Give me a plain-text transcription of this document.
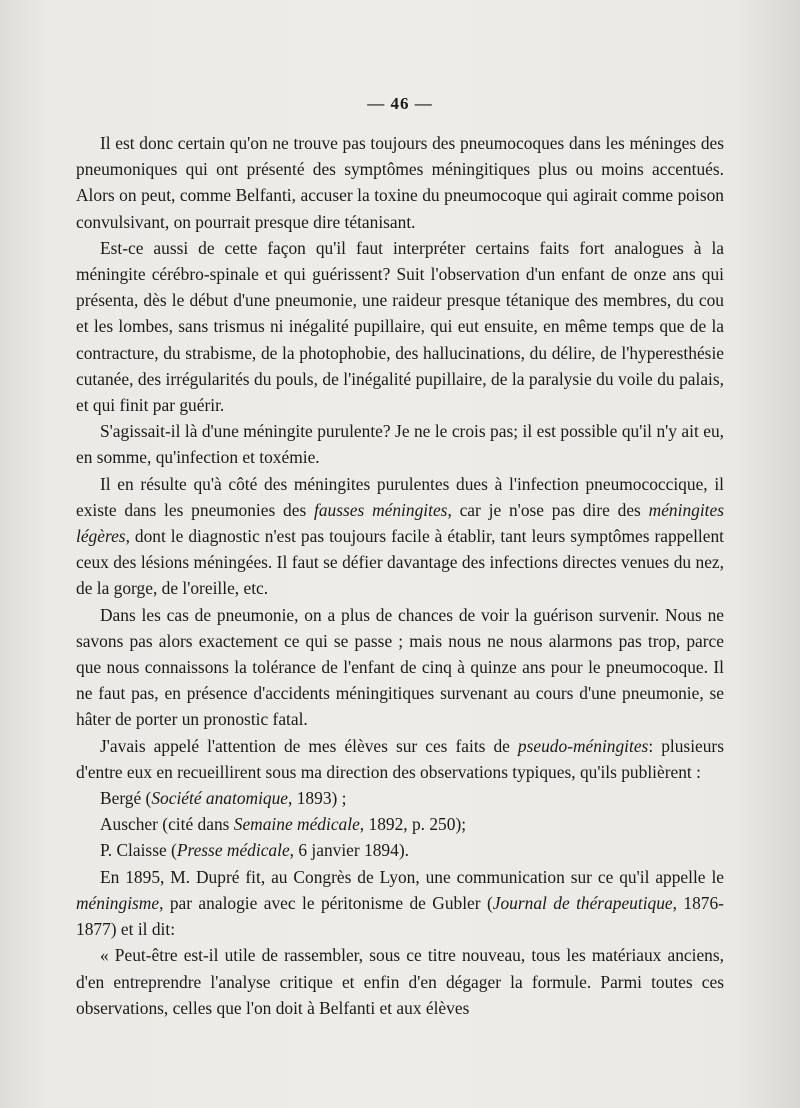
— 46 —

Il est donc certain qu'on ne trouve pas toujours des pneumocoques dans les méninges des pneumoniques qui ont présenté des symptômes méningitiques plus ou moins accentués. Alors on peut, comme Belfanti, accuser la toxine du pneumocoque qui agirait comme poison convulsivant, on pourrait presque dire tétanisant.

Est-ce aussi de cette façon qu'il faut interpréter certains faits fort analogues à la méningite cérébro-spinale et qui guérissent? Suit l'observation d'un enfant de onze ans qui présenta, dès le début d'une pneumonie, une raideur presque tétanique des membres, du cou et les lombes, sans trismus ni inégalité pupillaire, qui eut ensuite, en même temps que de la contracture, du strabisme, de la photophobie, des hallucinations, du délire, de l'hyperesthésie cutanée, des irrégularités du pouls, de l'inégalité pupillaire, de la paralysie du voile du palais, et qui finit par guérir.

S'agissait-il là d'une méningite purulente? Je ne le crois pas; il est possible qu'il n'y ait eu, en somme, qu'infection et toxémie.

Il en résulte qu'à côté des méningites purulentes dues à l'infection pneumococcique, il existe dans les pneumonies des fausses méningites, car je n'ose pas dire des méningites légères, dont le diagnostic n'est pas toujours facile à établir, tant leurs symptômes rappellent ceux des lésions méningées. Il faut se défier davantage des infections directes venues du nez, de la gorge, de l'oreille, etc.

Dans les cas de pneumonie, on a plus de chances de voir la guérison survenir. Nous ne savons pas alors exactement ce qui se passe ; mais nous ne nous alarmons pas trop, parce que nous connaissons la tolérance de l'enfant de cinq à quinze ans pour le pneumocoque. Il ne faut pas, en présence d'accidents méningitiques survenant au cours d'une pneumonie, se hâter de porter un pronostic fatal.

J'avais appelé l'attention de mes élèves sur ces faits de pseudo-méningites: plusieurs d'entre eux en recueillirent sous ma direction des observations typiques, qu'ils publièrent :

Bergé (Société anatomique, 1893) ;

Auscher (cité dans Semaine médicale, 1892, p. 250);

P. Claisse (Presse médicale, 6 janvier 1894).

En 1895, M. Dupré fit, au Congrès de Lyon, une communication sur ce qu'il appelle le méningisme, par analogie avec le péritonisme de Gubler (Journal de thérapeutique, 1876-1877) et il dit:

« Peut-être est-il utile de rassembler, sous ce titre nouveau, tous les matériaux anciens, d'en entreprendre l'analyse critique et enfin d'en dégager la formule. Parmi toutes ces observations, celles que l'on doit à Belfanti et aux élèves
